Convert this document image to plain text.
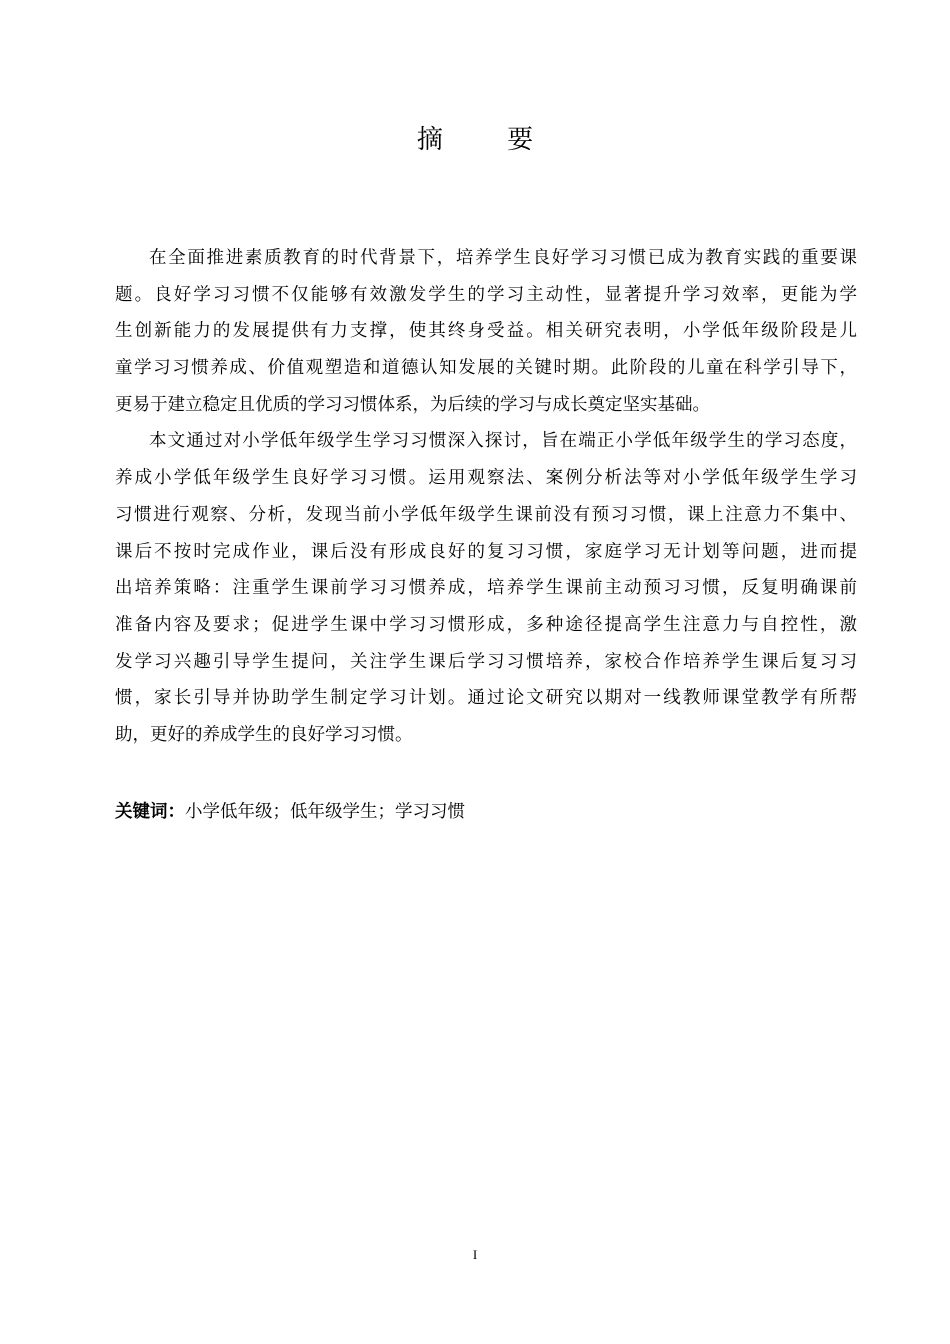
摘 要
在全面推进素质教育的时代背景下，培养学生良好学习习惯已成为教育实践的重要课
题。良好学习习惯不仅能够有效激发学生的学习主动性，显著提升学习效率，更能为学
生创新能力的发展提供有力支撑，使其终身受益。相关研究表明，小学低年级阶段是儿
童学习习惯养成、价值观塑造和道德认知发展的关键时期。此阶段的儿童在科学引导下，
更易于建立稳定且优质的学习习惯体系，为后续的学习与成长奠定坚实基础。
本文通过对小学低年级学生学习习惯深入探讨，旨在端正小学低年级学生的学习态度，
养成小学低年级学生良好学习习惯。运用观察法、案例分析法等对小学低年级学生学习
习惯进行观察、分析，发现当前小学低年级学生课前没有预习习惯，课上注意力不集中、
课后不按时完成作业，课后没有形成良好的复习习惯，家庭学习无计划等问题，进而提
出培养策略：注重学生课前学习习惯养成，培养学生课前主动预习习惯，反复明确课前
准备内容及要求；促进学生课中学习习惯形成，多种途径提高学生注意力与自控性，激
发学习兴趣引导学生提问，关注学生课后学习习惯培养，家校合作培养学生课后复习习
惯，家长引导并协助学生制定学习计划。通过论文研究以期对一线教师课堂教学有所帮
助，更好的养成学生的良好学习习惯。
关键词：小学低年级；低年级学生；学习习惯
I
